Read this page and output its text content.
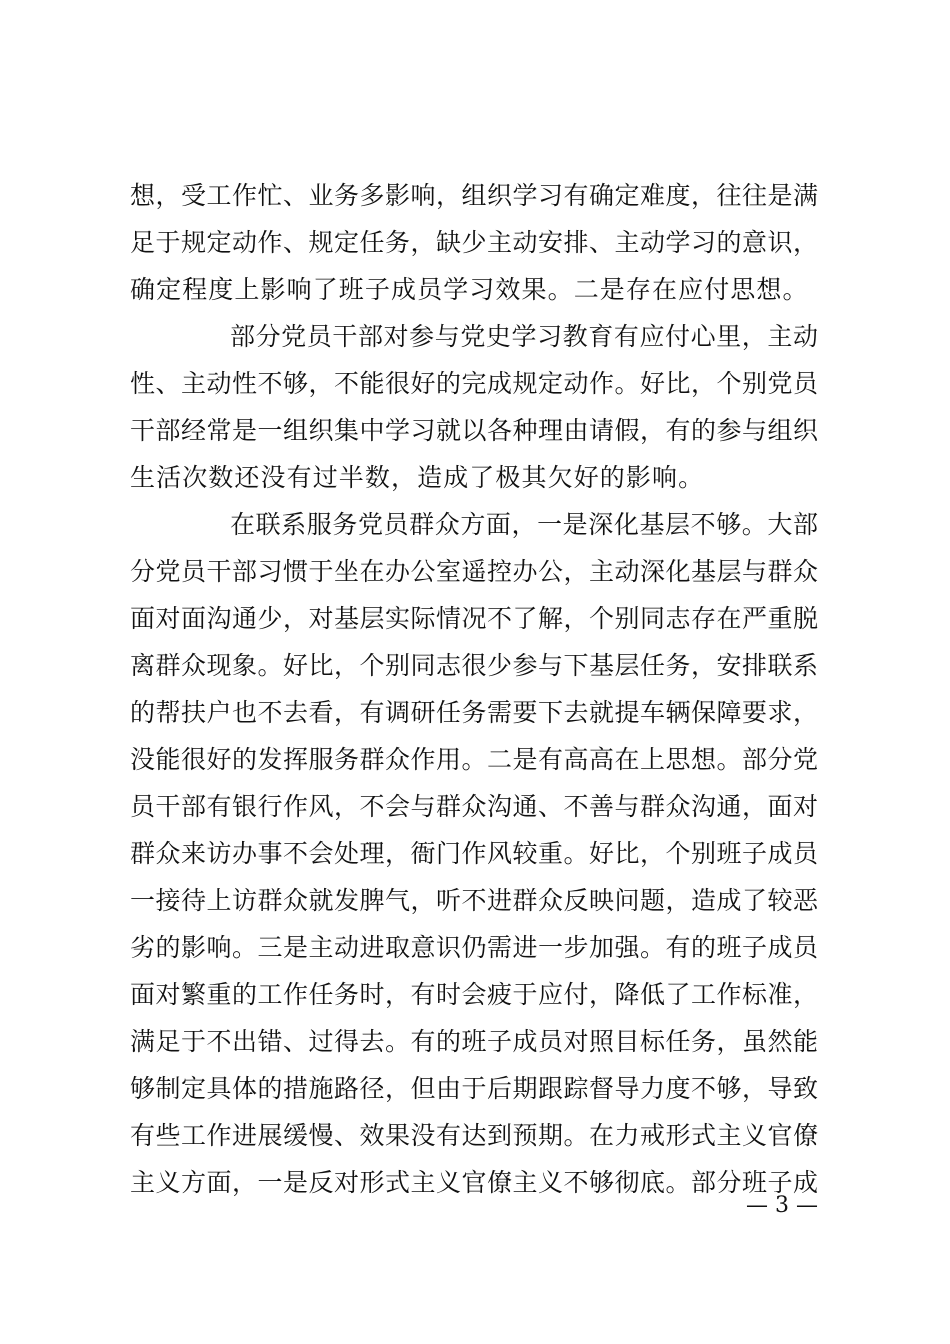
想，受工作忙、业务多影响，组织学习有确定难度，往往是满
足于规定动作、规定任务，缺少主动安排、主动学习的意识，
确定程度上影响了班子成员学习效果。二是存在应付思想。
部分党员干部对参与党史学习教育有应付心里，主动
性、主动性不够，不能很好的完成规定动作。好比，个别党员
干部经常是一组织集中学习就以各种理由请假，有的参与组织
生活次数还没有过半数，造成了极其欠好的影响。
在联系服务党员群众方面，一是深化基层不够。大部
分党员干部习惯于坐在办公室遥控办公，主动深化基层与群众
面对面沟通少，对基层实际情况不了解，个别同志存在严重脱
离群众现象。好比，个别同志很少参与下基层任务，安排联系
的帮扶户也不去看，有调研任务需要下去就提车辆保障要求，
没能很好的发挥服务群众作用。二是有高高在上思想。部分党
员干部有银行作风，不会与群众沟通、不善与群众沟通，面对
群众来访办事不会处理，衙门作风较重。好比，个别班子成员
一接待上访群众就发脾气，听不进群众反映问题，造成了较恶
劣的影响。三是主动进取意识仍需进一步加强。有的班子成员
面对繁重的工作任务时，有时会疲于应付，降低了工作标准，
满足于不出错、过得去。有的班子成员对照目标任务，虽然能
够制定具体的措施路径，但由于后期跟踪督导力度不够，导致
有些工作进展缓慢、效果没有达到预期。在力戒形式主义官僚
主义方面，一是反对形式主义官僚主义不够彻底。部分班子成
— 3 —
